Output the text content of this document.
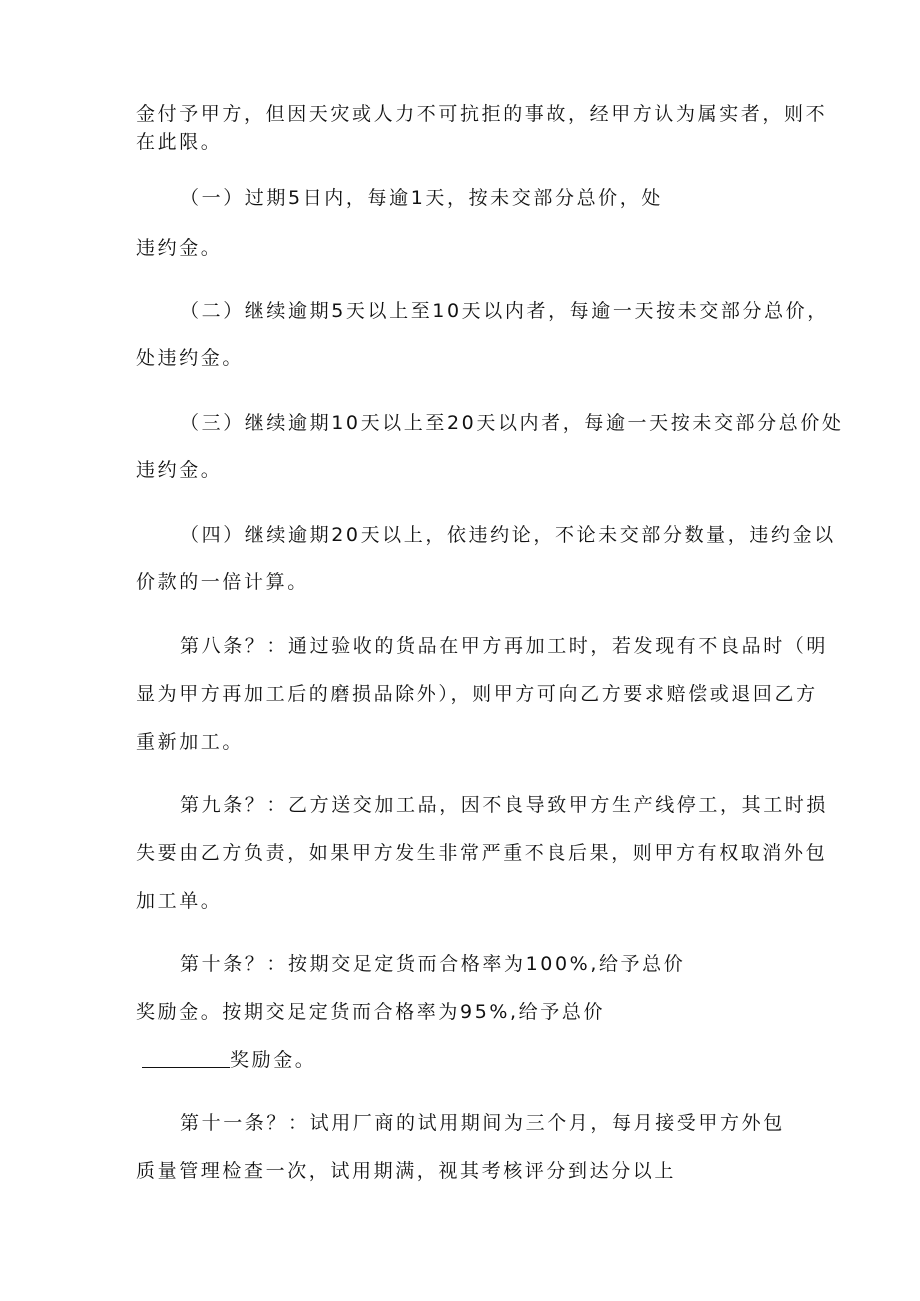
金付予甲方，但因天灾或人力不可抗拒的事故，经甲方认为属实者，则不
在此限。
（一）过期5日内，每逾1天，按未交部分总价，处
违约金。
（二）继续逾期5天以上至10天以内者，每逾一天按未交部分总价，
处违约金。
（三）继续逾期10天以上至20天以内者，每逾一天按未交部分总价处
违约金。
（四）继续逾期20天以上，依违约论，不论未交部分数量，违约金以
价款的一倍计算。
第八条？：通过验收的货品在甲方再加工时，若发现有不良品时（明
显为甲方再加工后的磨损品除外），则甲方可向乙方要求赔偿或退回乙方
重新加工。
第九条？：乙方送交加工品，因不良导致甲方生产线停工，其工时损
失要由乙方负责，如果甲方发生非常严重不良后果，则甲方有权取消外包
加工单。
第十条？：按期交足定货而合格率为100%,给予总价
奖励金。按期交足定货而合格率为95%,给予总价
奖励金。
第十一条？：试用厂商的试用期间为三个月，每月接受甲方外包
质量管理检查一次，试用期满，视其考核评分到达分以上
